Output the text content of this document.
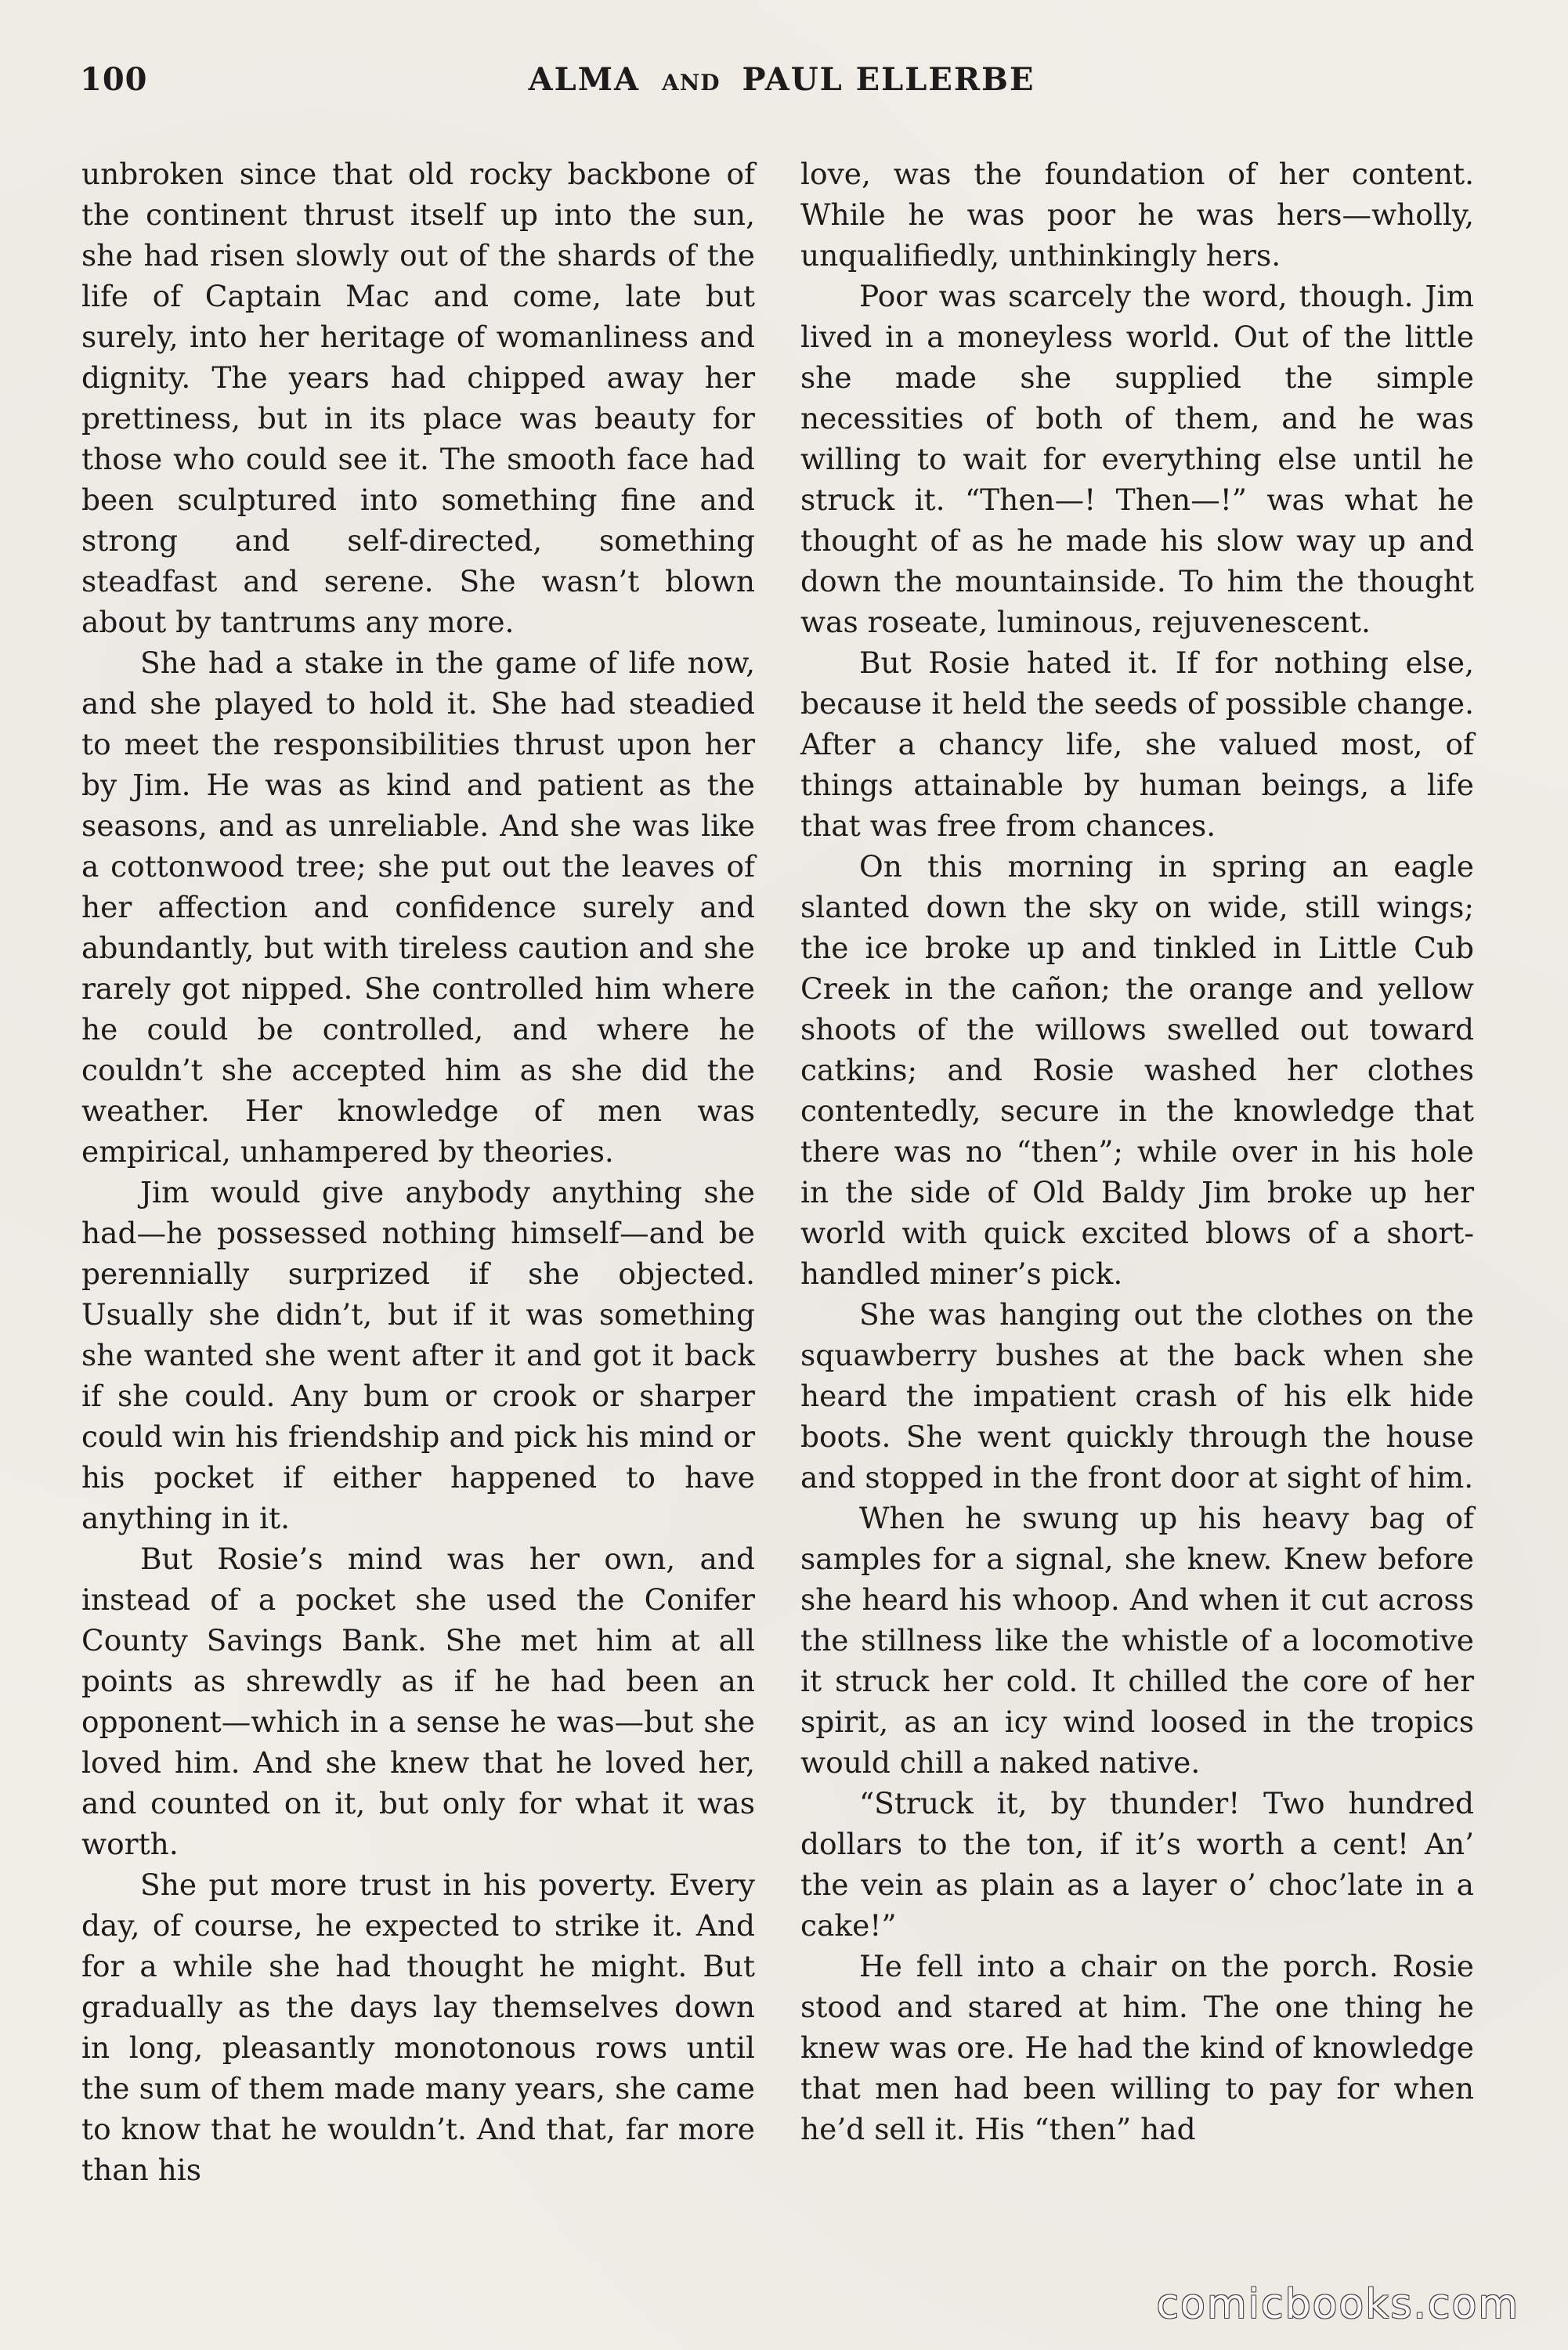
100	ALMA AND PAUL ELLERBE

unbroken since that old rocky backbone of the continent thrust itself up into the sun, she had risen slowly out of the shards of the life of Captain Mac and come, late but surely, into her heritage of womanliness and dignity. The years had chipped away her prettiness, but in its place was beauty for those who could see it. The smooth face had been sculptured into something fine and strong and self-directed, something steadfast and serene. She wasn’t blown about by tantrums any more.

She had a stake in the game of life now, and she played to hold it. She had steadied to meet the responsibilities thrust upon her by Jim. He was as kind and patient as the seasons, and as unreliable. And she was like a cottonwood tree; she put out the leaves of her affection and confidence surely and abundantly, but with tireless caution and she rarely got nipped. She controlled him where he could be controlled, and where he couldn’t she accepted him as she did the weather. Her knowledge of men was empirical, unhampered by theories.

Jim would give anybody anything she had—he possessed nothing himself—and be perennially surprized if she objected. Usually she didn’t, but if it was something she wanted she went after it and got it back if she could. Any bum or crook or sharper could win his friendship and pick his mind or his pocket if either happened to have anything in it.

But Rosie’s mind was her own, and instead of a pocket she used the Conifer County Savings Bank. She met him at all points as shrewdly as if he had been an opponent—which in a sense he was—but she loved him. And she knew that he loved her, and counted on it, but only for what it was worth.

She put more trust in his poverty. Every day, of course, he expected to strike it. And for a while she had thought he might. But gradually as the days lay themselves down in long, pleasantly monotonous rows until the sum of them made many years, she came to know that he wouldn’t. And that, far more than his

love, was the foundation of her content. While he was poor he was hers—wholly, unqualifiedly, unthinkingly hers.

Poor was scarcely the word, though. Jim lived in a moneyless world. Out of the little she made she supplied the simple necessities of both of them, and he was willing to wait for everything else until he struck it. “Then—! Then—!” was what he thought of as he made his slow way up and down the mountainside. To him the thought was roseate, luminous, rejuvenescent.

But Rosie hated it. If for nothing else, because it held the seeds of possible change. After a chancy life, she valued most, of things attainable by human beings, a life that was free from chances.

On this morning in spring an eagle slanted down the sky on wide, still wings; the ice broke up and tinkled in Little Cub Creek in the cañon; the orange and yellow shoots of the willows swelled out toward catkins; and Rosie washed her clothes contentedly, secure in the knowledge that there was no “then”; while over in his hole in the side of Old Baldy Jim broke up her world with quick excited blows of a short-handled miner’s pick.

She was hanging out the clothes on the squawberry bushes at the back when she heard the impatient crash of his elk hide boots. She went quickly through the house and stopped in the front door at sight of him.

When he swung up his heavy bag of samples for a signal, she knew. Knew before she heard his whoop. And when it cut across the stillness like the whistle of a locomotive it struck her cold. It chilled the core of her spirit, as an icy wind loosed in the tropics would chill a naked native.

“Struck it, by thunder! Two hundred dollars to the ton, if it’s worth a cent! An’ the vein as plain as a layer o’ choc’late in a cake!”

He fell into a chair on the porch. Rosie stood and stared at him. The one thing he knew was ore. He had the kind of knowledge that men had been willing to pay for when he’d sell it. His “then” had

comicbooks.com
